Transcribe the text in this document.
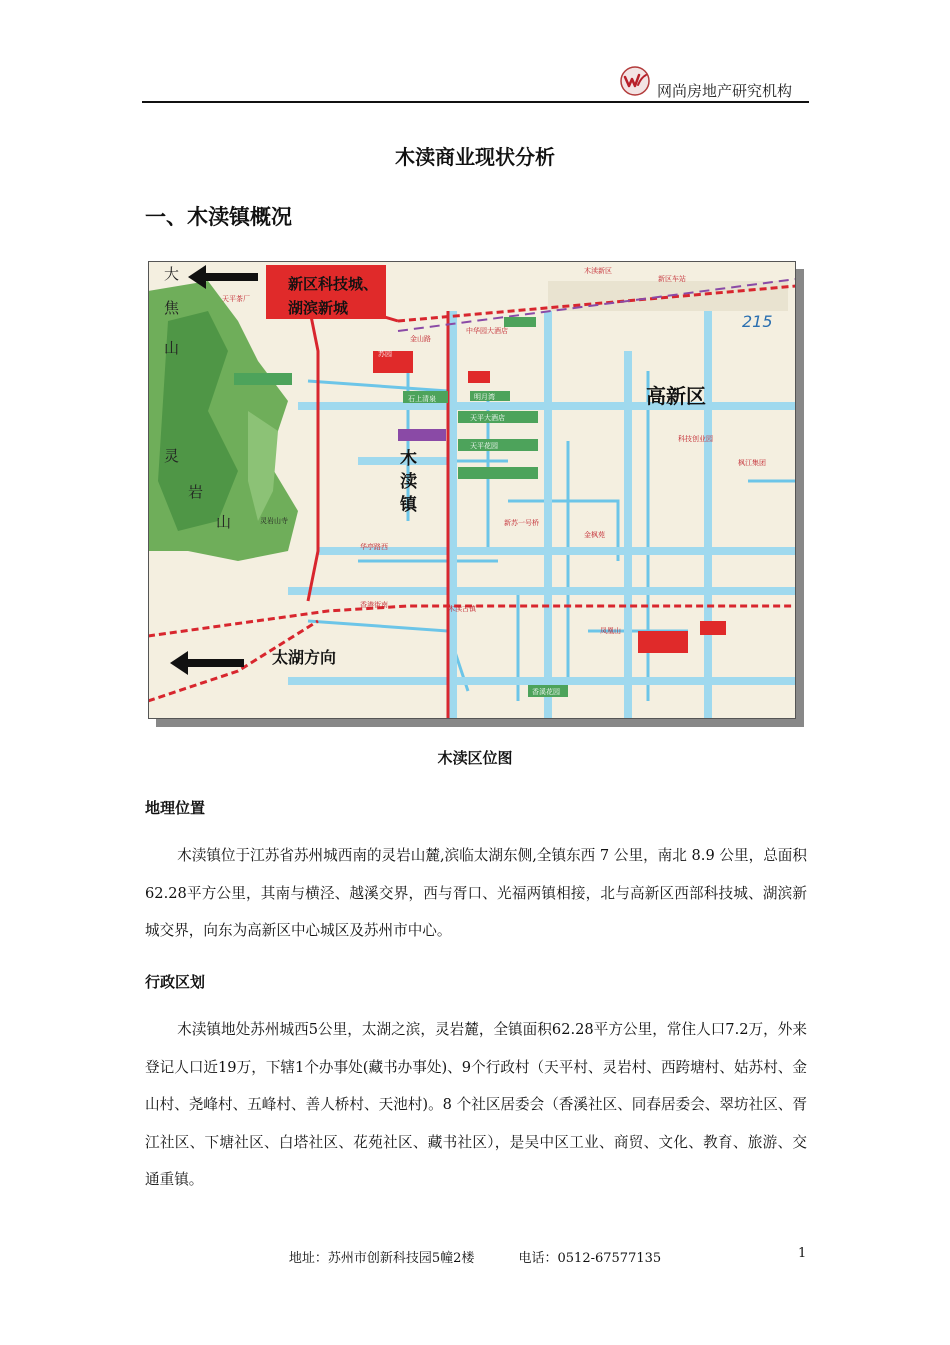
网尚房地产研究机构
木渎商业现状分析
一、木渎镇概况
新区科技城、
湖滨新城
高新区
木
渎
镇
太湖方向
215
大
焦
山
灵
岩
山
苏园
天平大酒店
天平花园
香溪花园
金枫苑
木渎新区
新区车站
科技创业园
枫江集团
灵岩山寺
华亭路西
香港街南	木渎古镇
凤凰山
中华园大酒店
金山路
石上清泉	明月湾
新苏一号桥
天平茶厂
木渎区位图
地理位置

木渎镇位于江苏省苏州城西南的灵岩山麓,滨临太湖东侧,全镇东西 7 公里，南北 8.9 公里，总面积62.28平方公里，其南与横泾、越溪交界，西与胥口、光福两镇相接，北与高新区西部科技城、湖滨新城交界，向东为高新区中心城区及苏州市中心。

行政区划

木渎镇地处苏州城西5公里，太湖之滨，灵岩麓，全镇面积62.28平方公里，常住人口7.2万，外来登记人口近19万，下辖1个办事处(藏书办事处)、9个行政村（天平村、灵岩村、西跨塘村、姑苏村、金山村、尧峰村、五峰村、善人桥村、天池村)。8 个社区居委会（香溪社区、同春居委会、翠坊社区、胥江社区、下塘社区、白塔社区、花苑社区、藏书社区），是吴中区工业、商贸、文化、教育、旅游、交通重镇。

地址：苏州市创新科技园5幢2楼	电话：0512-67577135	1
